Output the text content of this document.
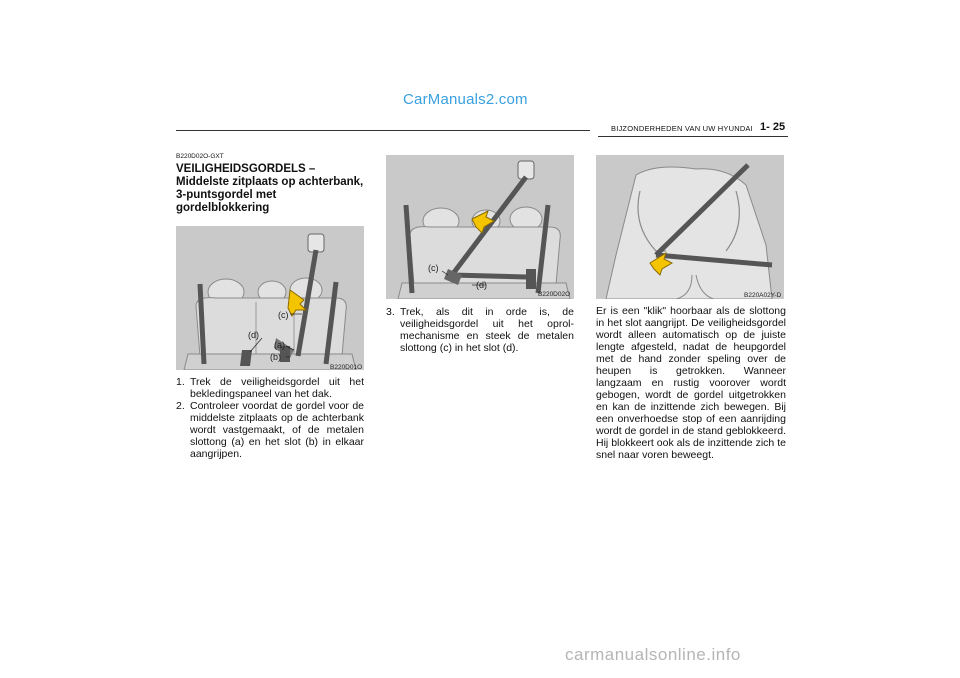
CarManuals2.com
BIJZONDERHEDEN VAN UW HYUNDAI 1- 25
B220D02O-GXT
VEILIGHEIDSGORDELS – Middelste zitplaats op achterbank, 3-puntsgordel met gordelblokkering
(c)
(d)
(a)
(b)
B220D01O
1. Trek de veiligheidsgordel uit het bekledingspaneel van het dak.
2. Controleer voordat de gordel voor de middelste zitplaats op de achterbank wordt vastgemaakt, of de metalen slottong (a) en het slot (b) in elkaar aangrijpen.
(c)
(d)
B220D02O
3. Trek, als dit in orde is, de veiligheidsgordel uit het oprol-mechanisme en steek de metalen slottong (c) in het slot (d).
B220A02Y-D

Er is een "klik" hoorbaar als de slottong in het slot aangrijpt. De veiligheidsgordel wordt alleen automatisch op de juiste lengte afgesteld, nadat de heupgordel met de hand zonder speling over de heupen is getrokken. Wanneer langzaam en rustig voorover wordt gebogen, wordt de gordel uitgetrokken en kan de inzittende zich bewegen. Bij een onverhoedse stop of een aanrijding wordt de gordel in de stand geblokkeerd. Hij blokkeert ook als de inzittende zich te snel naar voren beweegt.

carmanualsonline.info
